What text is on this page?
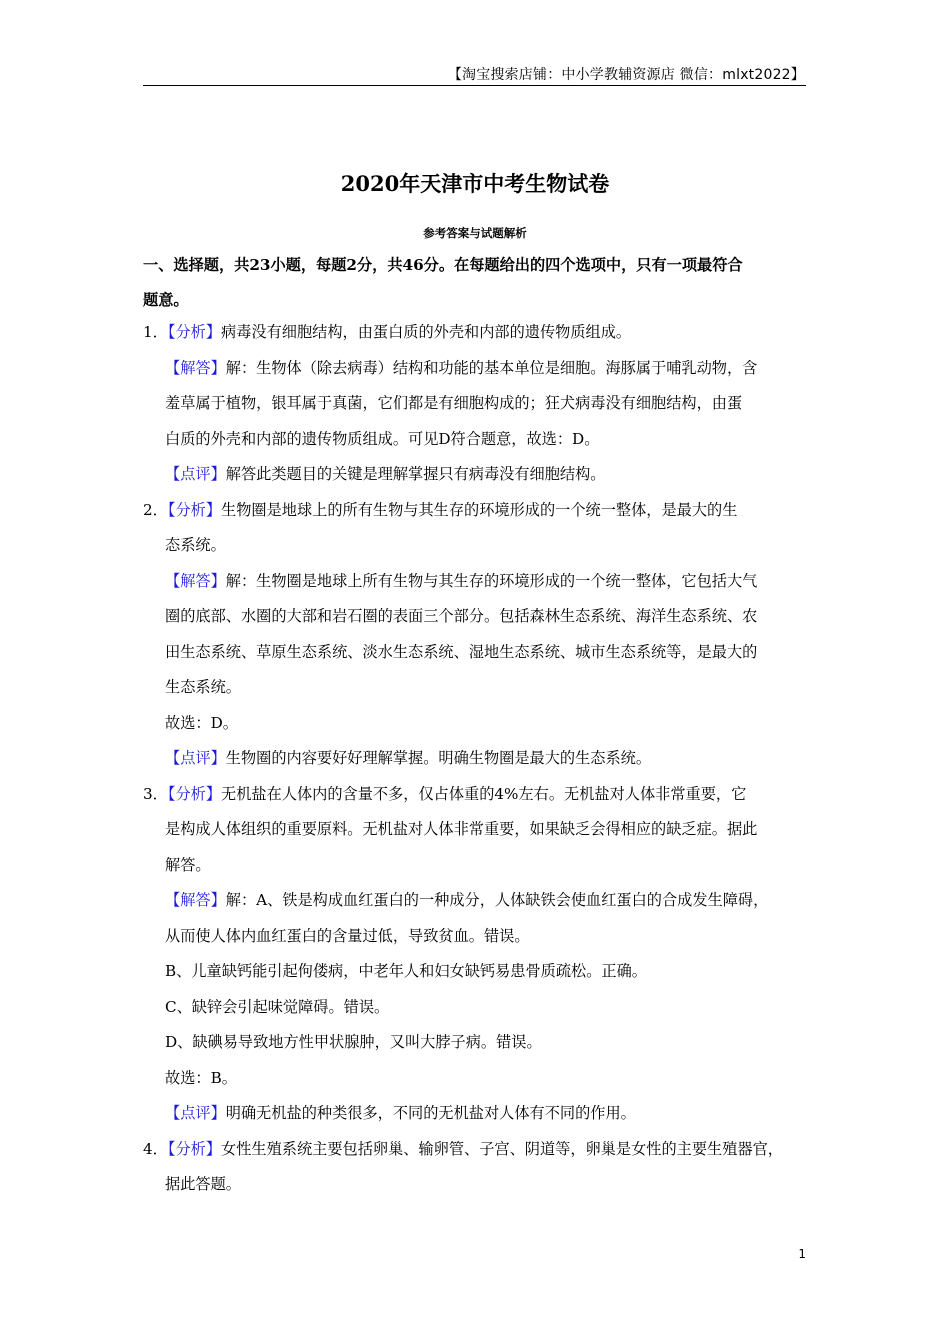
【淘宝搜索店铺：中小学教辅资源店 微信：mlxt2022】
2020年天津市中考生物试卷
参考答案与试题解析
一、选择题，共23小题，每题2分，共46分。在每题给出的四个选项中，只有一项最符合
题意。
1．【分析】病毒没有细胞结构，由蛋白质的外壳和内部的遗传物质组成。
【解答】解：生物体（除去病毒）结构和功能的基本单位是细胞。海豚属于哺乳动物，含
羞草属于植物，银耳属于真菌，它们都是有细胞构成的；狂犬病毒没有细胞结构，由蛋
白质的外壳和内部的遗传物质组成。可见D符合题意，故选：D。
【点评】解答此类题目的关键是理解掌握只有病毒没有细胞结构。
2．【分析】生物圈是地球上的所有生物与其生存的环境形成的一个统一整体，是最大的生
态系统。
【解答】解：生物圈是地球上所有生物与其生存的环境形成的一个统一整体，它包括大气
圈的底部、水圈的大部和岩石圈的表面三个部分。包括森林生态系统、海洋生态系统、农
田生态系统、草原生态系统、淡水生态系统、湿地生态系统、城市生态系统等，是最大的
生态系统。
故选：D。
【点评】生物圈的内容要好好理解掌握。明确生物圈是最大的生态系统。
3．【分析】无机盐在人体内的含量不多，仅占体重的4%左右。无机盐对人体非常重要，它
是构成人体组织的重要原料。无机盐对人体非常重要，如果缺乏会得相应的缺乏症。据此
解答。
【解答】解：A、铁是构成血红蛋白的一种成分，人体缺铁会使血红蛋白的合成发生障碍，
从而使人体内血红蛋白的含量过低，导致贫血。错误。
B、儿童缺钙能引起佝偻病，中老年人和妇女缺钙易患骨质疏松。正确。
C、缺锌会引起味觉障碍。错误。
D、缺碘易导致地方性甲状腺肿，又叫大脖子病。错误。
故选：B。
【点评】明确无机盐的种类很多，不同的无机盐对人体有不同的作用。
4．【分析】女性生殖系统主要包括卵巢、输卵管、子宫、阴道等，卵巢是女性的主要生殖器官，
据此答题。
1
